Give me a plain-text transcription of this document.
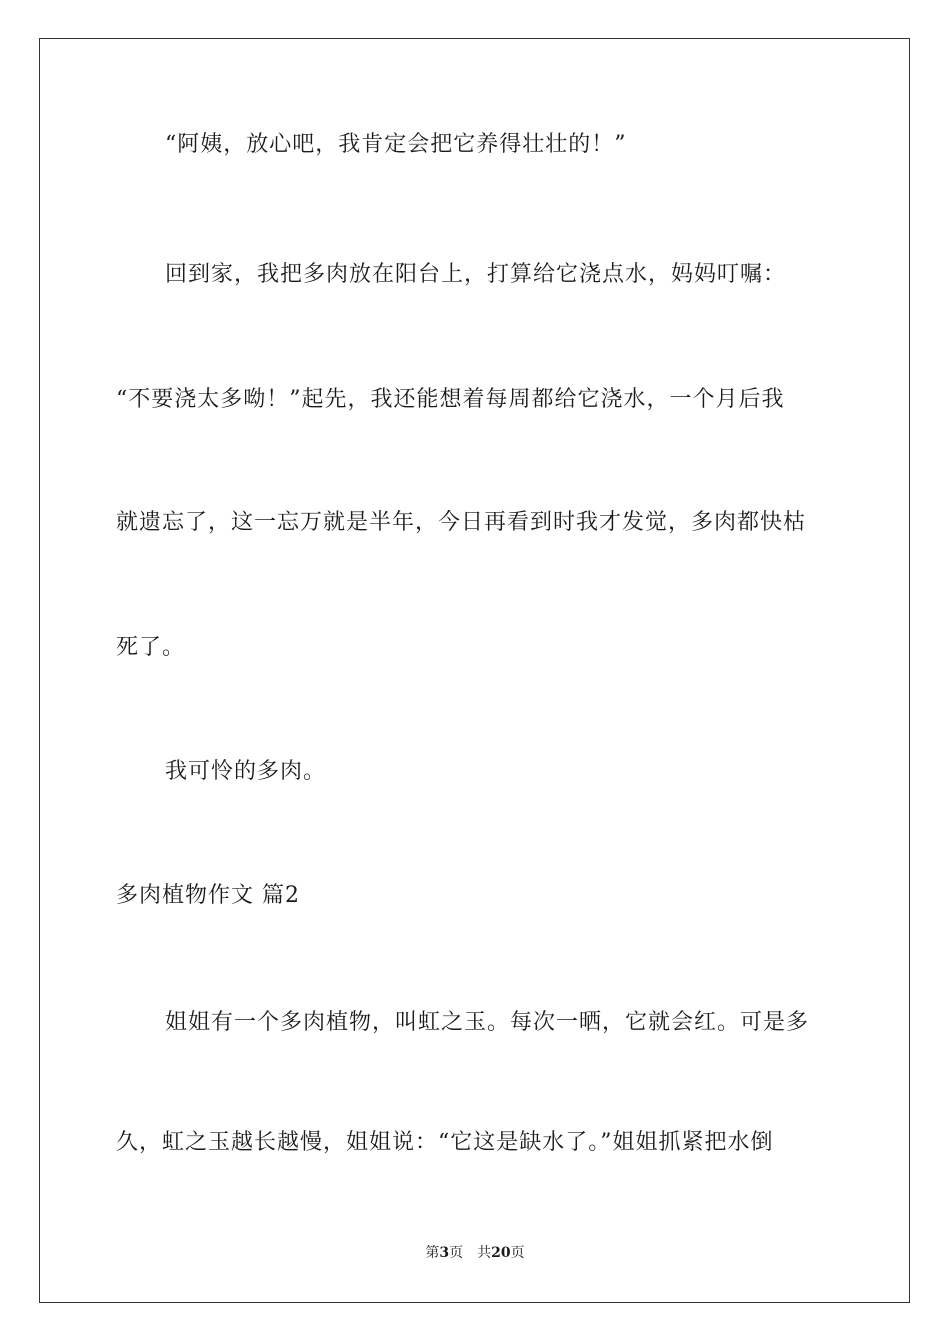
“阿姨，放心吧，我肯定会把它养得壮壮的！”
回到家，我把多肉放在阳台上，打算给它浇点水，妈妈叮嘱：
“不要浇太多呦！”起先，我还能想着每周都给它浇水，一个月后我
就遗忘了，这一忘万就是半年，今日再看到时我才发觉，多肉都快枯
死了。
我可怜的多肉。
多肉植物作文 篇2
姐姐有一个多肉植物，叫虹之玉。每次一晒，它就会红。可是多
久，虹之玉越长越慢，姐姐说：“它这是缺水了。”姐姐抓紧把水倒
第3页 共20页
